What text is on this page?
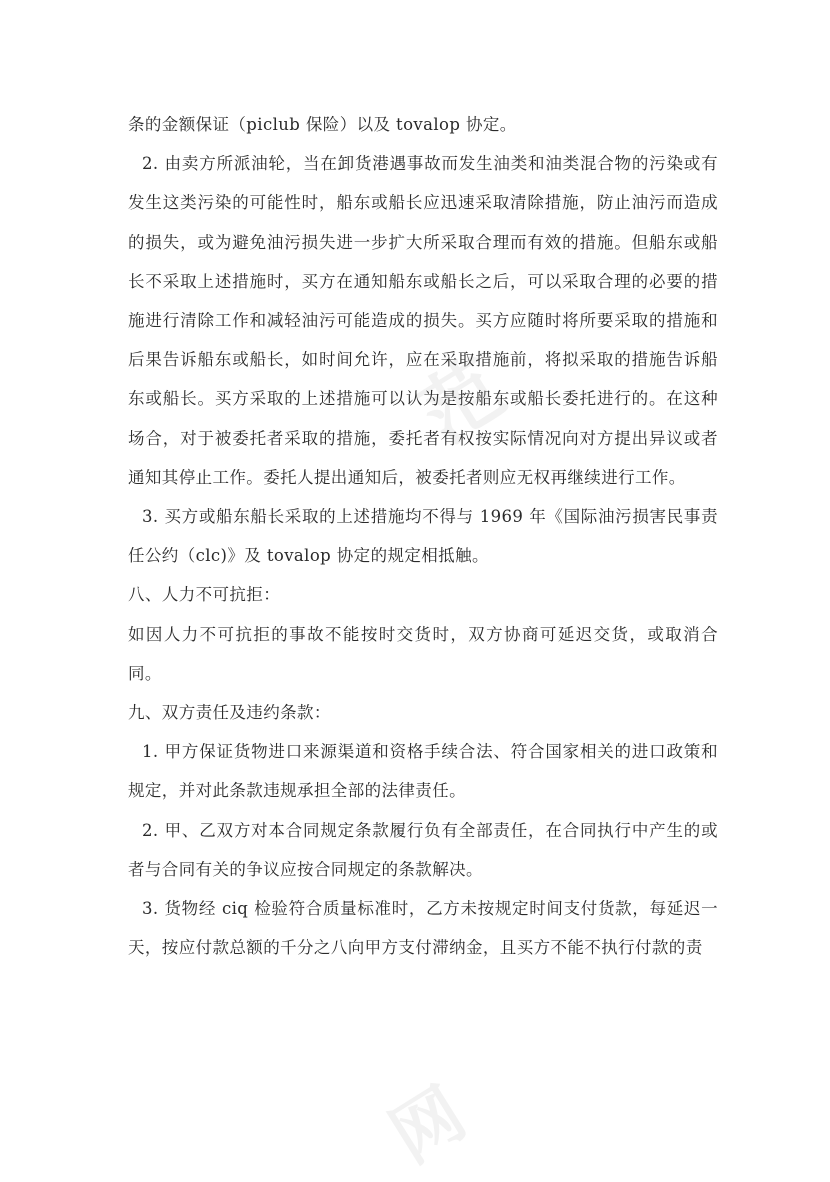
条的金额保证（piclub 保险）以及 tovalop 协定。

2. 由卖方所派油轮，当在卸货港遇事故而发生油类和油类混合物的污染或有发生这类污染的可能性时，船东或船长应迅速采取清除措施，防止油污而造成的损失，或为避免油污损失进一步扩大所采取合理而有效的措施。但船东或船长不采取上述措施时，买方在通知船东或船长之后，可以采取合理的必要的措施进行清除工作和减轻油污可能造成的损失。买方应随时将所要采取的措施和后果告诉船东或船长，如时间允许，应在采取措施前，将拟采取的措施告诉船东或船长。买方采取的上述措施可以认为是按船东或船长委托进行的。在这种场合，对于被委托者采取的措施，委托者有权按实际情况向对方提出异议或者通知其停止工作。委托人提出通知后，被委托者则应无权再继续进行工作。

3. 买方或船东船长采取的上述措施均不得与 1969 年《国际油污损害民事责任公约（clc)》及 tovalop 协定的规定相抵触。

八、人力不可抗拒：

如因人力不可抗拒的事故不能按时交货时，双方协商可延迟交货，或取消合同。

九、双方责任及违约条款：

1. 甲方保证货物进口来源渠道和资格手续合法、符合国家相关的进口政策和规定，并对此条款违规承担全部的法律责任。

2. 甲、乙双方对本合同规定条款履行负有全部责任，在合同执行中产生的或者与合同有关的争议应按合同规定的条款解决。

3. 货物经 ciq 检验符合质量标准时，乙方未按规定时间支付货款，每延迟一天，按应付款总额的千分之八向甲方支付滞纳金，且买方不能不执行付款的责

范
网
